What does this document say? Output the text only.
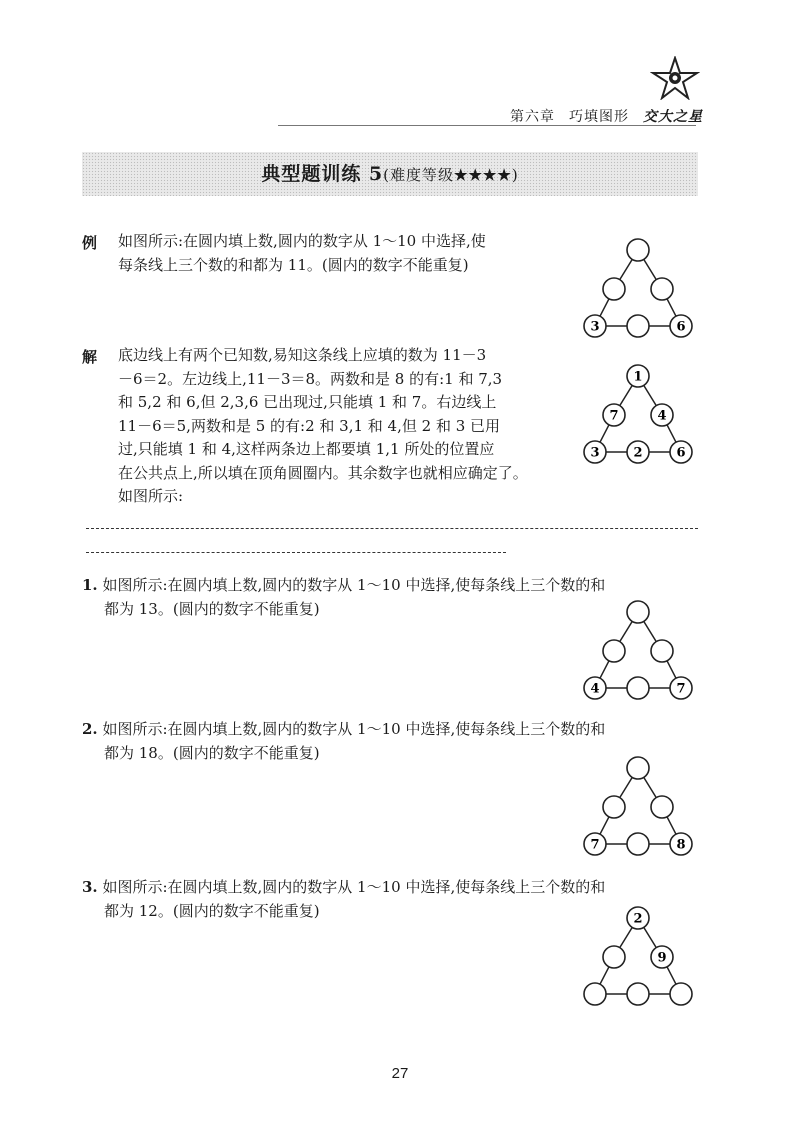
第六章 巧填图形 交大之星
典型题训练 5(难度等级★★★★)
例 如图所示:在圆内填上数,圆内的数字从 1～10 中选择,使
每条线上三个数的和都为 11。(圆内的数字不能重复)
3	6
解 底边线上有两个已知数,易知这条线上应填的数为 11－3
－6＝2。左边线上,11－3＝8。两数和是 8 的有:1 和 7,3
和 5,2 和 6,但 2,3,6 已出现过,只能填 1 和 7。右边线上
11－6＝5,两数和是 5 的有:2 和 3,1 和 4,但 2 和 3 已用
过,只能填 1 和 4,这样两条边上都要填 1,1 所处的位置应
在公共点上,所以填在顶角圆圈内。其余数字也就相应确定了。
如图所示:
1
7	4
3	2	6
1. 如图所示:在圆内填上数,圆内的数字从 1～10 中选择,使每条线上三个数的和
都为 13。(圆内的数字不能重复)
4	7
2. 如图所示:在圆内填上数,圆内的数字从 1～10 中选择,使每条线上三个数的和
都为 18。(圆内的数字不能重复)
7	8
3. 如图所示:在圆内填上数,圆内的数字从 1～10 中选择,使每条线上三个数的和
都为 12。(圆内的数字不能重复)	2
9
27
